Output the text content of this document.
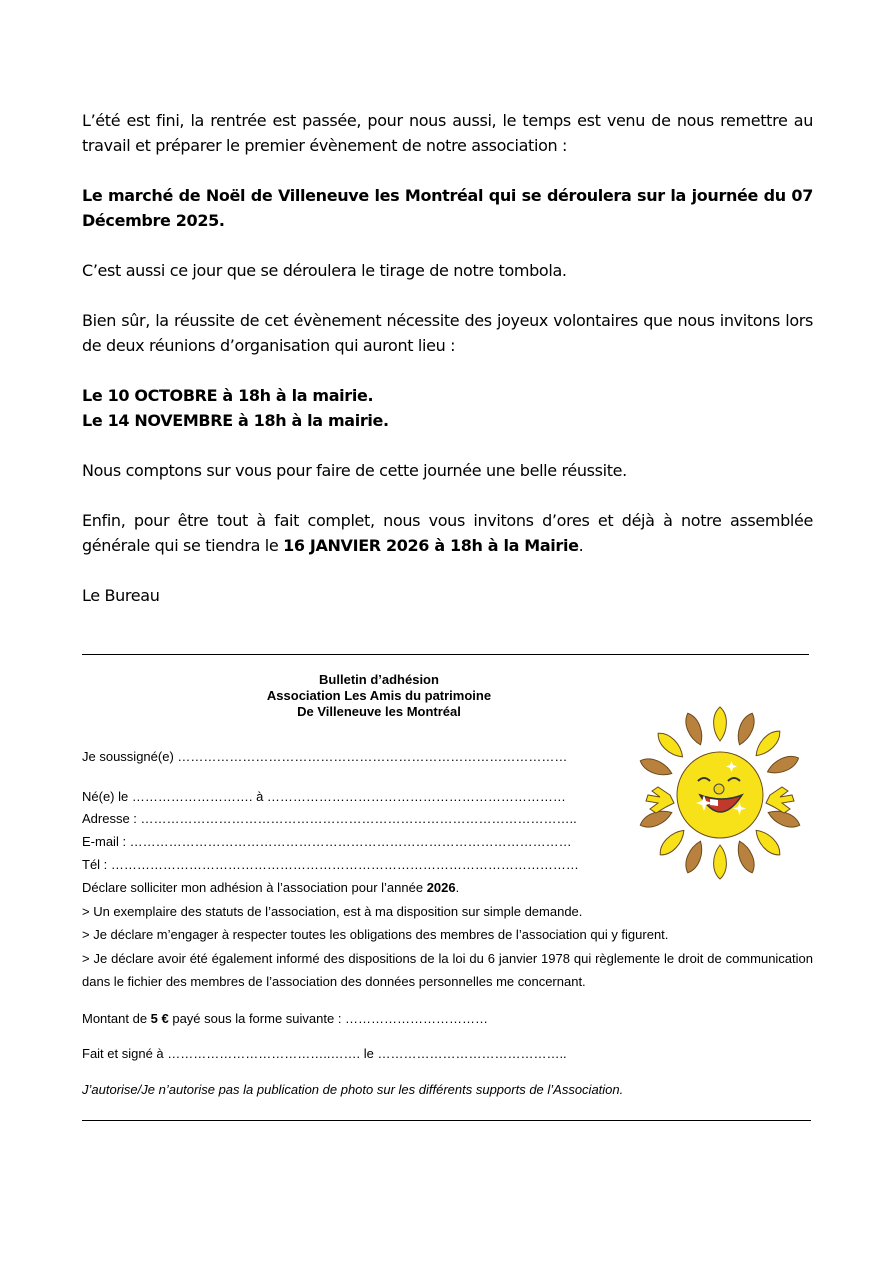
L’été est fini, la rentrée est passée, pour nous aussi, le temps est venu de nous remettre au travail et préparer le premier évènement de notre association :

Le marché de Noël de Villeneuve les Montréal qui se déroulera sur la journée du 07 Décembre 2025.

C’est aussi ce jour que se déroulera le tirage de notre tombola.

Bien sûr, la réussite de cet évènement nécessite des joyeux volontaires que nous invitons lors de deux réunions d’organisation qui auront lieu :

Le 10 OCTOBRE à 18h à la mairie.
Le 14 NOVEMBRE à 18h à la mairie.

Nous comptons sur vous pour faire de cette journée une belle réussite.

Enfin, pour être tout à fait complet, nous vous invitons d’ores et déjà à notre assemblée générale qui se tiendra le 16 JANVIER 2026 à 18h à la Mairie.

Le Bureau

Bulletin d’adhésion
Association Les Amis du patrimoine
De Villeneuve les Montréal
Je soussigné(e) ………………………………………………………………………………
Né(e) le ………………………. à ……………………………………………………………
Adresse : ………………………………………………………………………………………..
E-mail : …………………………………………………………………………………………
Tél : ………………………………………………………………………………………………

Déclare solliciter mon adhésion à l’association pour l’année 2026.

> Un exemplaire des statuts de l’association, est à ma disposition sur simple demande.

> Je déclare m’engager à respecter toutes les obligations des membres de l’association qui y figurent.

> Je déclare avoir été également informé des dispositions de la loi du 6 janvier 1978 qui règlemente le droit de communication dans le fichier des membres de l’association des données personnelles me concernant.

Montant de 5 € payé sous la forme suivante : ……………………………
Fait et signé à ………………………………..……. le ……………………………………..
J’autorise/Je n’autorise pas la publication de photo sur les différents supports de l’Association.
